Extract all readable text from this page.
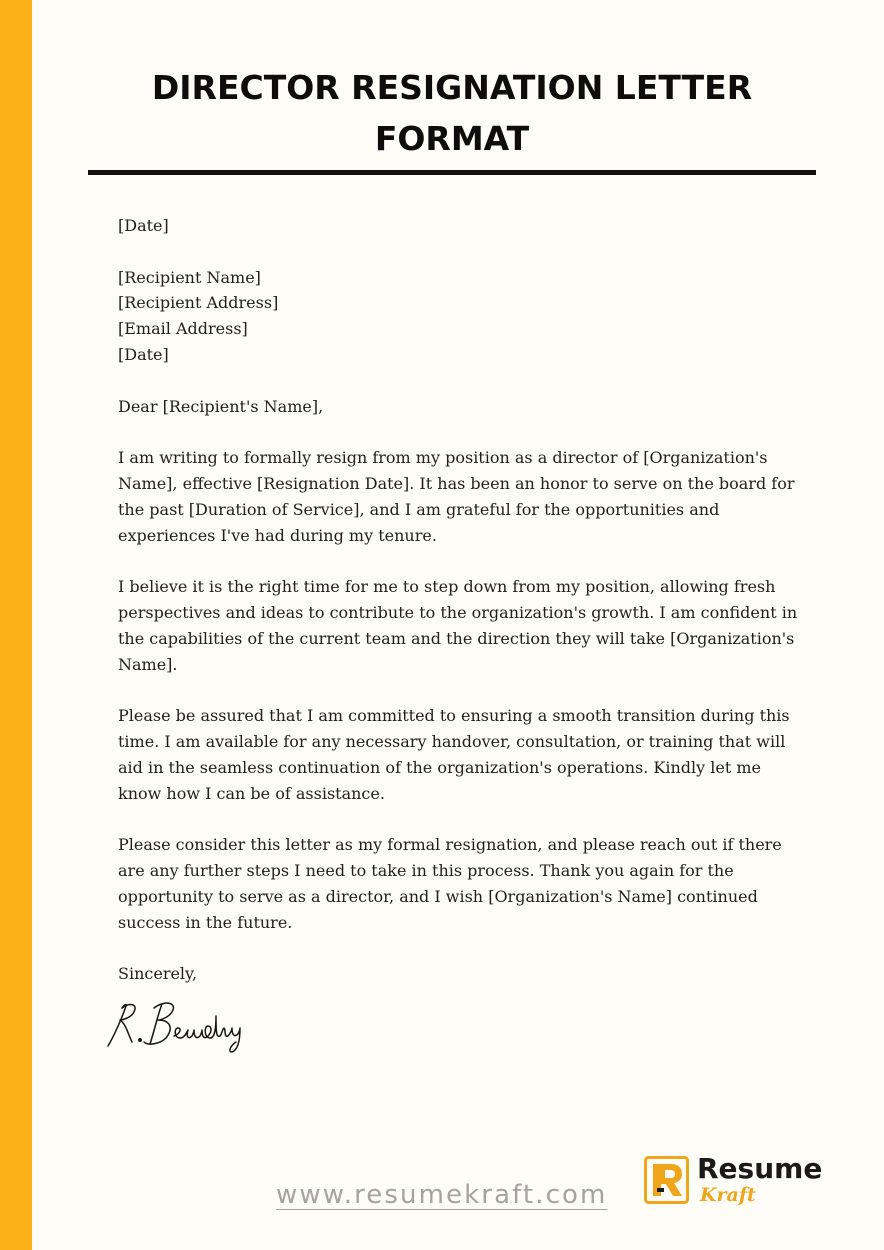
DIRECTOR RESIGNATION LETTER FORMAT

[Date]

[Recipient Name]

[Recipient Address]

[Email Address]

[Date]

Dear [Recipient's Name],

I am writing to formally resign from my position as a director of [Organization's Name], effective [Resignation Date]. It has been an honor to serve on the board for the past [Duration of Service], and I am grateful for the opportunities and experiences I've had during my tenure.

I believe it is the right time for me to step down from my position, allowing fresh perspectives and ideas to contribute to the organization's growth. I am confident in the capabilities of the current team and the direction they will take [Organization's Name].

Please be assured that I am committed to ensuring a smooth transition during this time. I am available for any necessary handover, consultation, or training that will aid in the seamless continuation of the organization's operations. Kindly let me know how I can be of assistance.

Please consider this letter as my formal resignation, and please reach out if there are any further steps I need to take in this process. Thank you again for the opportunity to serve as a director, and I wish [Organization's Name] continued success in the future.

Sincerely,

www.resumekraft.com
Resume
Kraft
